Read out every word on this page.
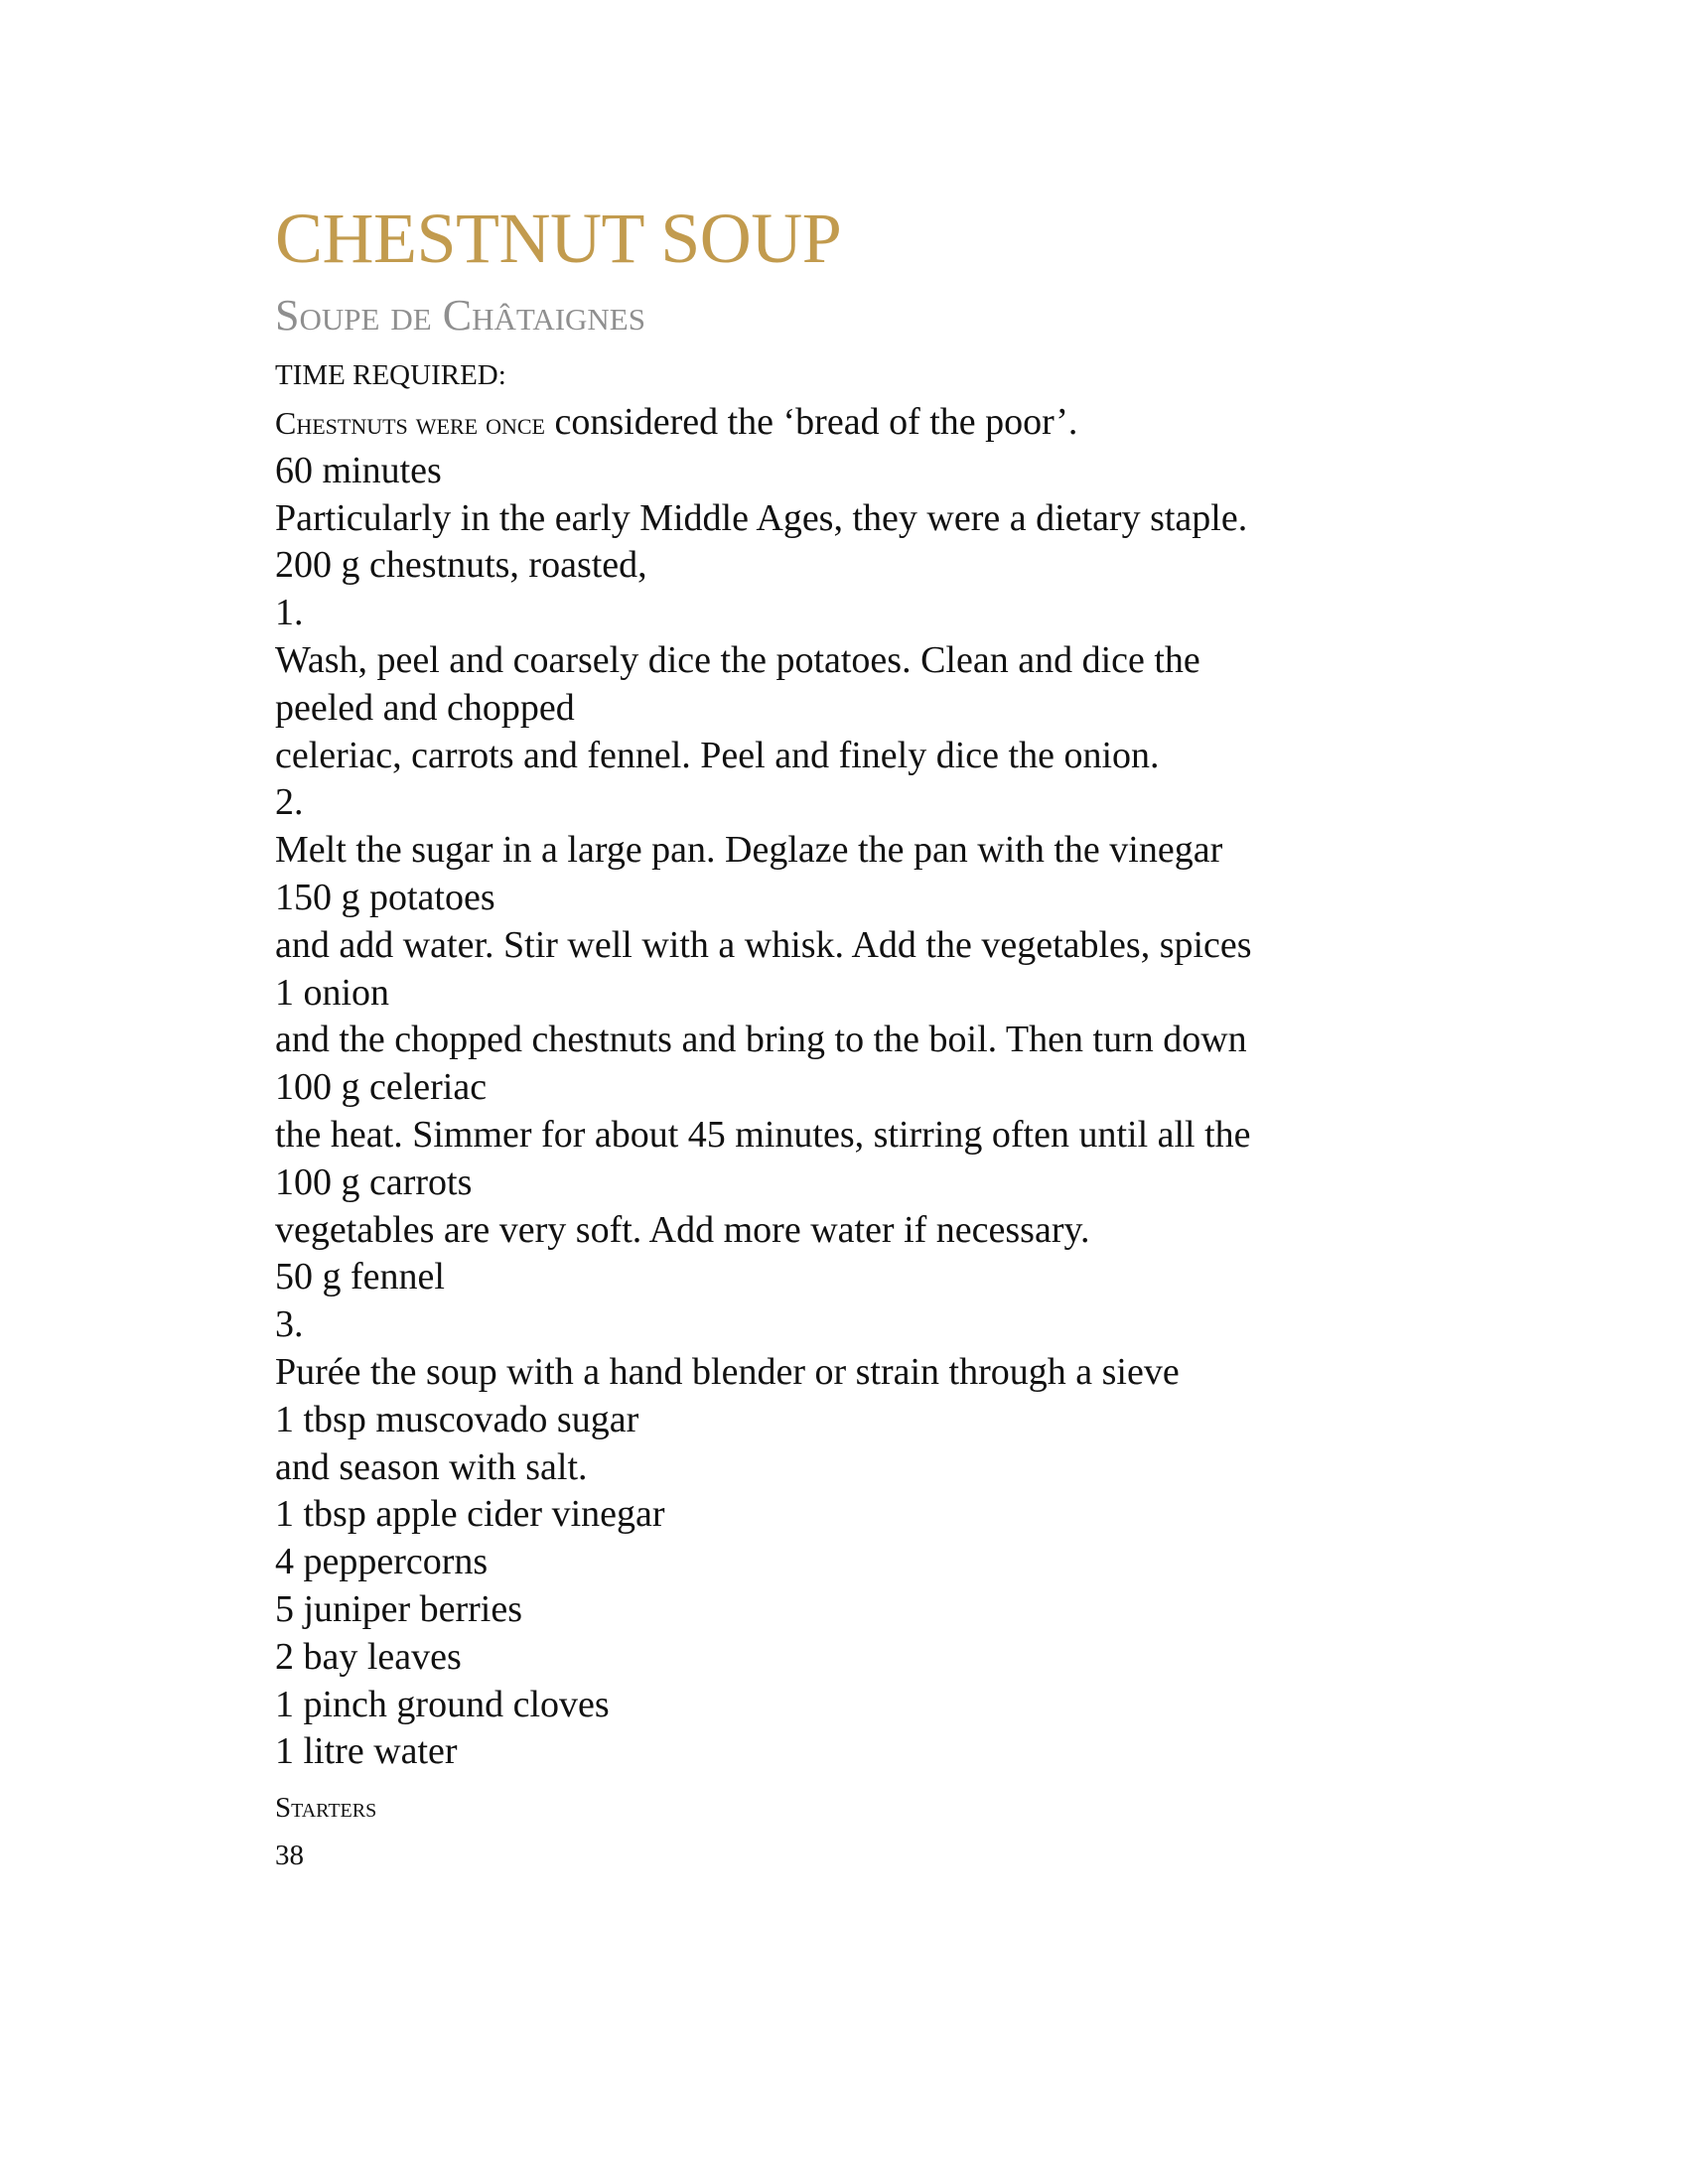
CHESTNUT SOUP
Soupe de Châtaignes
TIME REQUIRED:
Chestnuts were once considered the ‘bread of the poor’.
60 minutes
Particularly in the early Middle Ages, they were a dietary staple.
200 g chestnuts, roasted,
1.
Wash, peel and coarsely dice the potatoes. Clean and dice the
peeled and chopped
celeriac, carrots and fennel. Peel and finely dice the onion.
2.
Melt the sugar in a large pan. Deglaze the pan with the vinegar
150 g potatoes
and add water. Stir well with a whisk. Add the vegetables, spices
1 onion
and the chopped chestnuts and bring to the boil. Then turn down
100 g celeriac
the heat. Simmer for about 45 minutes, stirring often until all the
100 g carrots
vegetables are very soft. Add more water if necessary.
50 g fennel
3.
Purée the soup with a hand blender or strain through a sieve
1 tbsp muscovado sugar
and season with salt.
1 tbsp apple cider vinegar
4 peppercorns
5 juniper berries
2 bay leaves
1 pinch ground cloves
1 litre water
Starters
38
